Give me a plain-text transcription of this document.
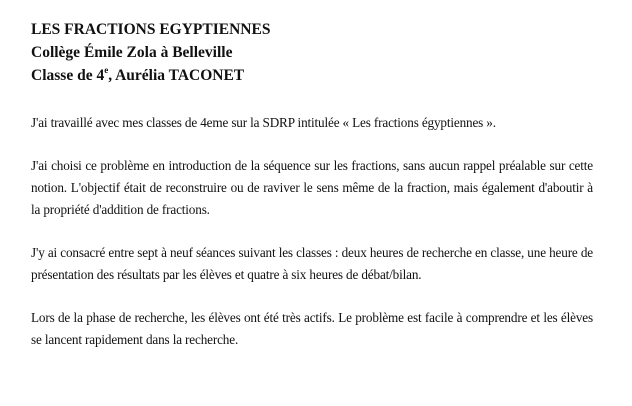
LES FRACTIONS EGYPTIENNES

Collège Émile Zola à Belleville

Classe de 4e, Aurélia TACONET

J'ai travaillé avec mes classes de 4eme sur la SDRP intitulée « Les fractions égyptiennes ».

J'ai choisi ce problème en introduction de la séquence sur les fractions, sans aucun rappel préalable sur cette notion. L'objectif était de reconstruire ou de raviver le sens même de la fraction, mais également d'aboutir à la propriété d'addition de fractions.

J'y ai consacré entre sept à neuf séances suivant les classes : deux heures de recherche en classe, une heure de présentation des résultats par les élèves et quatre à six heures de débat/bilan.

Lors de la phase de recherche, les élèves ont été très actifs. Le problème est facile à comprendre et les élèves se lancent rapidement dans la recherche.
